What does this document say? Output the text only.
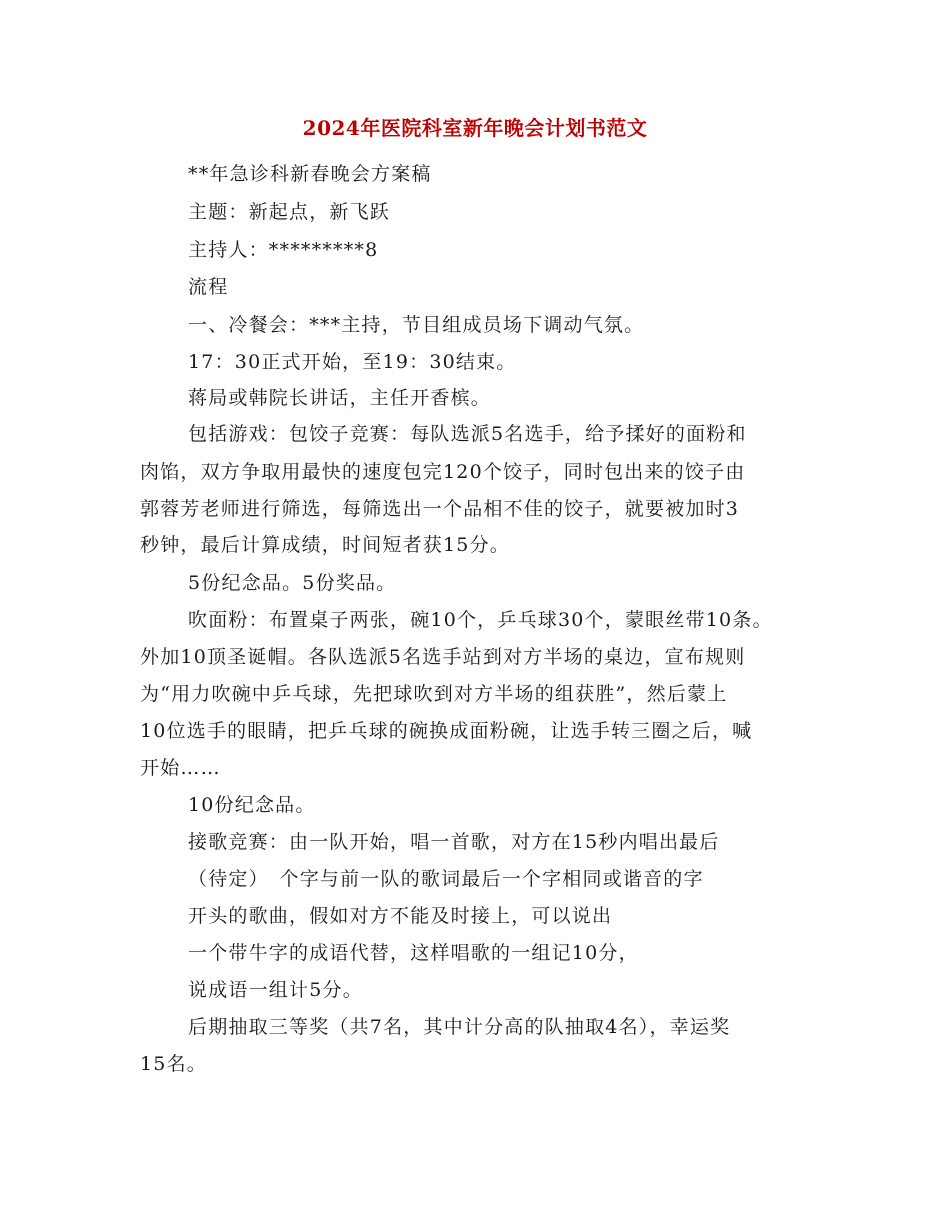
2024年医院科室新年晚会计划书范文
**年急诊科新春晚会方案稿
主题：新起点，新飞跃
主持人：*********8
流程
一、冷餐会：***主持，节目组成员场下调动气氛。
17：30正式开始，至19：30结束。
蒋局或韩院长讲话，主任开香槟。
包括游戏：包饺子竞赛：每队选派5名选手，给予揉好的面粉和
肉馅，双方争取用最快的速度包完120个饺子，同时包出来的饺子由
郭蓉芳老师进行筛选，每筛选出一个品相不佳的饺子，就要被加时3
秒钟，最后计算成绩，时间短者获15分。
5份纪念品。5份奖品。
吹面粉：布置桌子两张，碗10个，乒乓球30个，蒙眼丝带10条。
外加10顶圣诞帽。各队选派5名选手站到对方半场的桌边，宣布规则
为“用力吹碗中乒乓球，先把球吹到对方半场的组获胜”，然后蒙上
10位选手的眼睛，把乒乓球的碗换成面粉碗，让选手转三圈之后，喊
开始……
10份纪念品。
接歌竞赛：由一队开始，唱一首歌，对方在15秒内唱出最后
（待定）　个字与前一队的歌词最后一个字相同或谐音的字
开头的歌曲，假如对方不能及时接上，可以说出
一个带牛字的成语代替，这样唱歌的一组记10分，
说成语一组计5分。
后期抽取三等奖（共7名，其中计分高的队抽取4名），幸运奖
15名。
